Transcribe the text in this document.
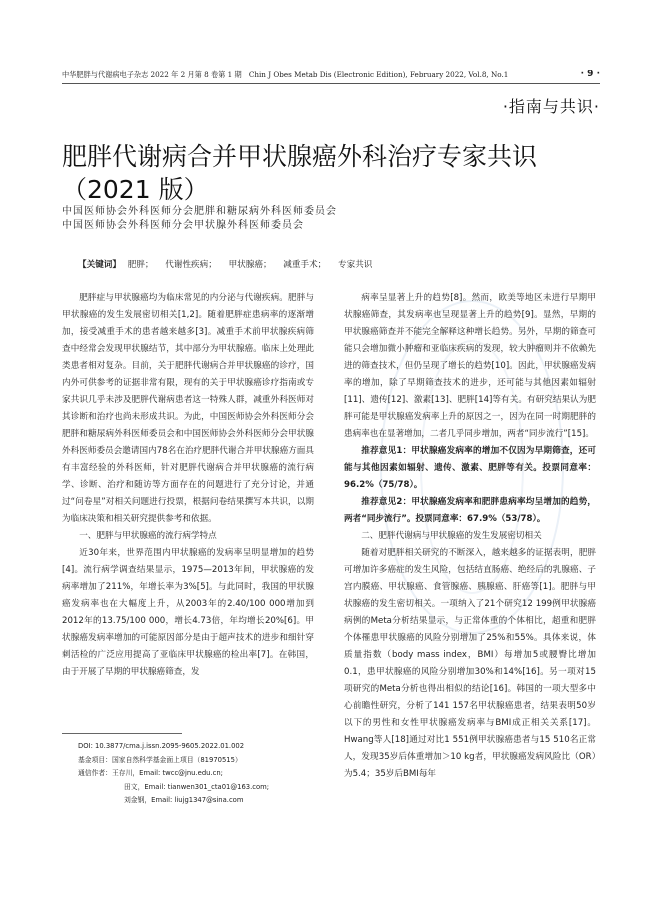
中华肥胖与代谢病电子杂志 2022 年 2 月第 8 卷第 1 期　Chin J Obes Metab Dis (Electronic Edition), February 2022, Vol.8, No.1	· 9 ·
·指南与共识·
肥胖代谢病合并甲状腺癌外科治疗专家共识
（2021 版）
中国医师协会外科医师分会肥胖和糖尿病外科医师委员会
中国医师协会外科医师分会甲状腺外科医师委员会
【关键词】 肥胖； 代谢性疾病； 甲状腺癌； 减重手术； 专家共识

肥胖症与甲状腺癌均为临床常见的内分泌与代谢疾病。肥胖与甲状腺癌的发生发展密切相关[1,2]。随着肥胖症患病率的逐渐增加，接受减重手术的患者越来越多[3]。减重手术前甲状腺疾病筛查中经常会发现甲状腺结节，其中部分为甲状腺癌。临床上处理此类患者相对复杂。目前，关于肥胖代谢病合并甲状腺癌的诊疗，国内外可供参考的证据非常有限，现有的关于甲状腺癌诊疗指南或专家共识几乎未涉及肥胖代谢病患者这一特殊人群，减重外科医师对其诊断和治疗也尚未形成共识。为此，中国医师协会外科医师分会肥胖和糖尿病外科医师委员会和中国医师协会外科医师分会甲状腺外科医师委员会邀请国内78名在治疗肥胖代谢合并甲状腺癌方面具有丰富经验的外科医师，针对肥胖代谢病合并甲状腺癌的流行病学、诊断、治疗和随访等方面存在的问题进行了充分讨论，并通过“问卷星”对相关问题进行投票，根据问卷结果撰写本共识，以期为临床决策和相关研究提供参考和依据。

一、肥胖与甲状腺癌的流行病学特点

近30年来，世界范围内甲状腺癌的发病率呈明显增加的趋势[4]。流行病学调查结果显示，1975—2013年间，甲状腺癌的发病率增加了211%，年增长率为3%[5]。与此同时，我国的甲状腺癌发病率也在大幅度上升，从2003年的2.40/100 000增加到2012年的13.75/100 000，增长4.73倍，年均增长20%[6]。甲状腺癌发病率增加的可能原因部分是由于超声技术的进步和细针穿刺活检的广泛应用提高了亚临床甲状腺癌的检出率[7]。在韩国，由于开展了早期的甲状腺癌筛查，发

病率呈显著上升的趋势[8]。然而，欧美等地区未进行早期甲状腺癌筛查，其发病率也呈现显著上升的趋势[9]。显然，早期的甲状腺癌筛查并不能完全解释这种增长趋势。另外，早期的筛查可能只会增加微小肿瘤和亚临床疾病的发现，较大肿瘤则并不依赖先进的筛查技术，但仍呈现了增长的趋势[10]。因此，甲状腺癌发病率的增加，除了早期筛查技术的进步，还可能与其他因素如辐射[11]、遗传[12]、激素[13]、肥胖[14]等有关。有研究结果认为肥胖可能是甲状腺癌发病率上升的原因之一，因为在同一时期肥胖的患病率也在显著增加，二者几乎同步增加，两者“同步流行”[15]。

推荐意见1：甲状腺癌发病率的增加不仅因为早期筛查，还可能与其他因素如辐射、遗传、激素、肥胖等有关。投票同意率：96.2%（75/78）。

推荐意见2：甲状腺癌发病率和肥胖患病率均呈增加的趋势，两者“同步流行”。投票同意率：67.9%（53/78）。

二、肥胖代谢病与甲状腺癌的发生发展密切相关

随着对肥胖相关研究的不断深入，越来越多的证据表明，肥胖可增加许多癌症的发生风险，包括结直肠癌、绝经后的乳腺癌、子宫内膜癌、甲状腺癌、食管腺癌、胰腺癌、肝癌等[1]。肥胖与甲状腺癌的发生密切相关。一项纳入了21个研究12 199例甲状腺癌病例的Meta分析结果显示，与正常体重的个体相比，超重和肥胖个体罹患甲状腺癌的风险分别增加了25%和55%。具体来说，体质量指数（body mass index，BMI）每增加5或腰臀比增加0.1，患甲状腺癌的风险分别增加30%和14%[16]。另一项对15项研究的Meta分析也得出相似的结论[16]。韩国的一项大型多中心前瞻性研究，分析了141 157名甲状腺癌患者，结果表明50岁以下的男性和女性甲状腺癌发病率与BMI成正相关关系[17]。Hwang等人[18]通过对比1 551例甲状腺癌患者与15 510名正常人，发现35岁后体重增加＞10 kg者，甲状腺癌发病风险比（OR）为5.4；35岁后BMI每年

DOI: 10.3877/cma.j.issn.2095-9605.2022.01.002
基金项目：国家自然科学基金面上项目（81970515）
通信作者：王存川，Email: twcc@jnu.edu.cn;
田文，Email: tianwen301_cta01@163.com;
刘金钢，Email: liujg1347@sina.com
